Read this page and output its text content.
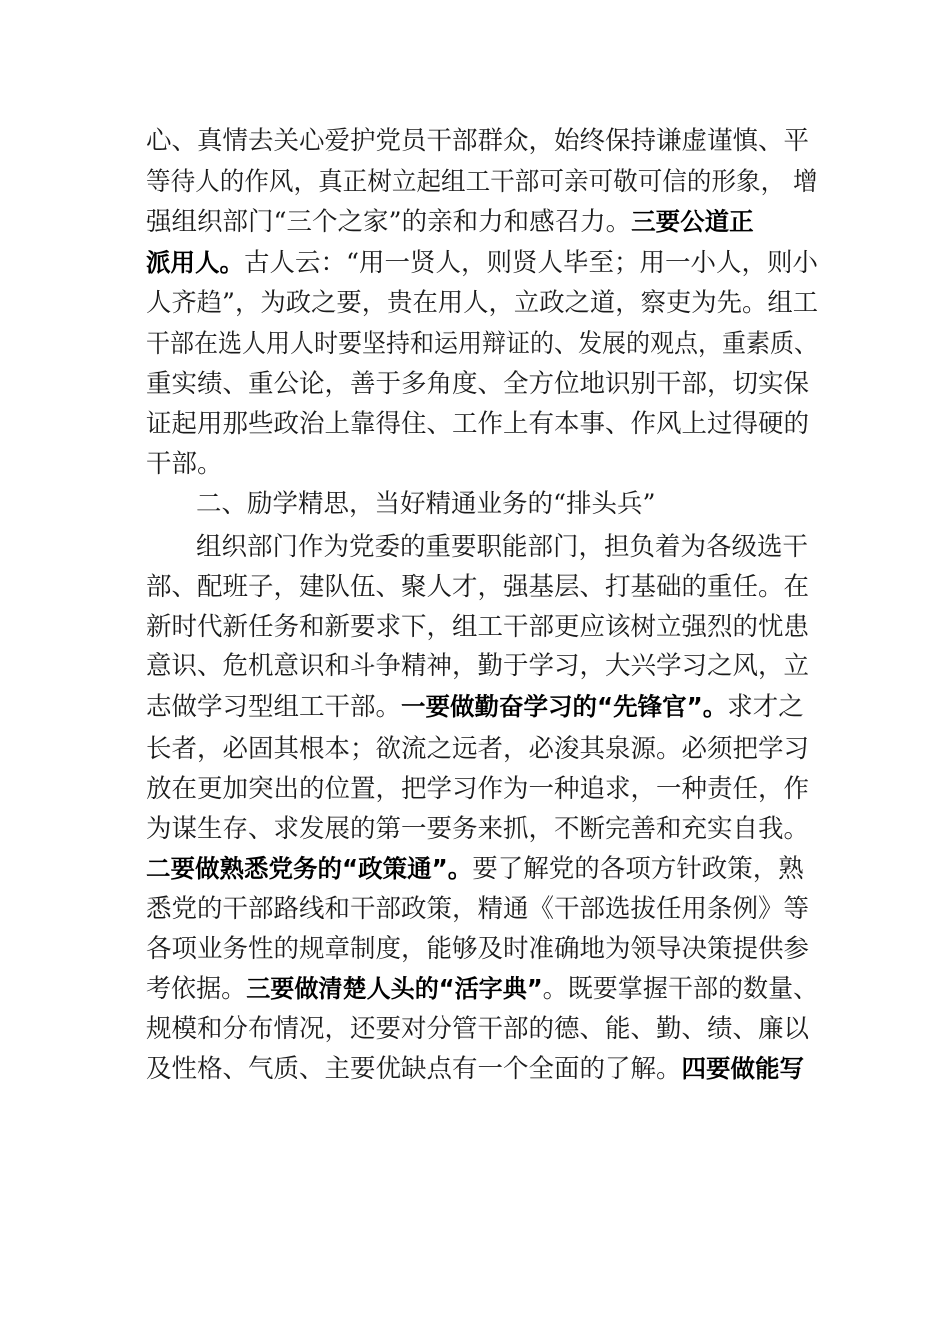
心、真情去关心爱护党员干部群众，始终保持谦虚谨慎、平
等待人的作风，真正树立起组工干部可亲可敬可信的形象， 增
强组织部门“三个之家”的亲和力和感召力。三要公道正
派用人。古人云：“用一贤人，则贤人毕至；用一小人，则小
人齐趋”，为政之要，贵在用人，立政之道，察吏为先。组工
干部在选人用人时要坚持和运用辩证的、发展的观点，重素质、
重实绩、重公论，善于多角度、全方位地识别干部，切实保
证起用那些政治上靠得住、工作上有本事、作风上过得硬的
干部。
二、励学精思，当好精通业务的“排头兵”
组织部门作为党委的重要职能部门，担负着为各级选干
部、配班子，建队伍、聚人才，强基层、打基础的重任。在
新时代新任务和新要求下，组工干部更应该树立强烈的忧患
意识、危机意识和斗争精神，勤于学习，大兴学习之风，立
志做学习型组工干部。一要做勤奋学习的“先锋官”。求才之
长者，必固其根本；欲流之远者，必浚其泉源。必须把学习
放在更加突出的位置，把学习作为一种追求，一种责任，作
为谋生存、求发展的第一要务来抓，不断完善和充实自我。
二要做熟悉党务的“政策通”。要了解党的各项方针政策，熟
悉党的干部路线和干部政策，精通《干部选拔任用条例》等
各项业务性的规章制度，能够及时准确地为领导决策提供参
考依据。三要做清楚人头的“活字典”。既要掌握干部的数量、
规模和分布情况，还要对分管干部的德、能、勤、绩、廉以
及性格、气质、主要优缺点有一个全面的了解。四要做能写
